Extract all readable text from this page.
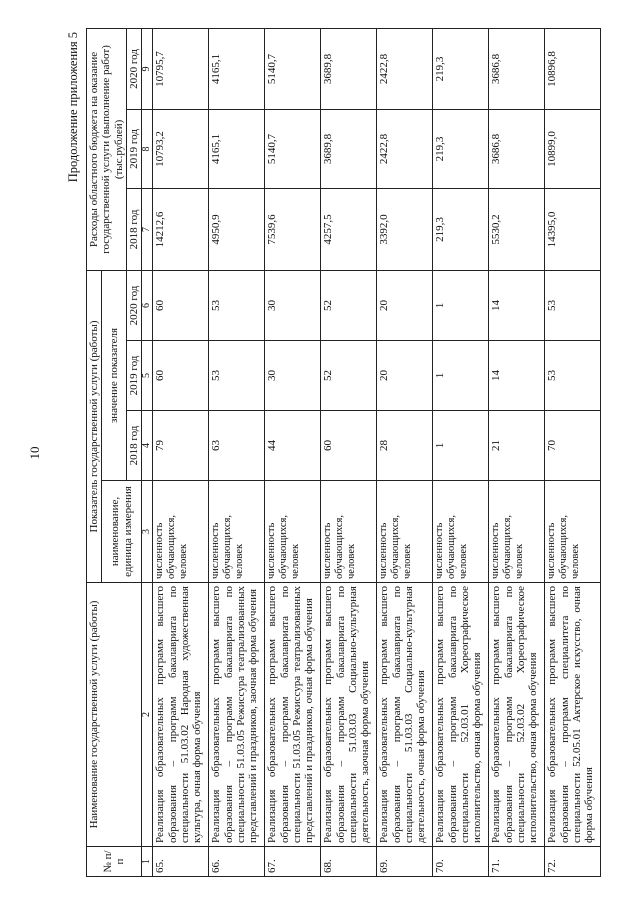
10
Продолжение приложения 5
№ п/п	Наименование государственной услуги (работы)	Показатель государственной услуги (работы)				Расходы областного бюджета на оказание государственной услуги (выполнение работ) (тыс.рублей)		
		наименование, единица измерения	значение показателя					
			2018 год	2019 год	2020 год	2018 год	2019 год	2020 год
1	2	3	4	5	6	7	8	9
65.	Реализация образовательных программ высшего образования – программ бакалавриата по специальности 51.03.02 Народная художественная культура, очная форма обучения	численность обучающихся, человек	79	60	60	14212,6	10793,2	10795,7
66.	Реализация образовательных программ высшего образования – программ бакалавриата по специальности 51.03.05 Режиссура театрализованных представлений и праздников, заочная форма обучения	численность обучающихся, человек	63	53	53	4950,9	4165,1	4165,1
67.	Реализация образовательных программ высшего образования – программ бакалавриата по специальности 51.03.05 Режиссура театрализованных представлений и праздников, очная форма обучения	численность обучающихся, человек	44	30	30	7539,6	5140,7	5140,7
68.	Реализация образовательных программ высшего образования – программ бакалавриата по специальности 51.03.03 Социально-культурная деятельность, заочная форма обучения	численность обучающихся, человек	60	52	52	4257,5	3689,8	3689,8
69.	Реализация образовательных программ высшего образования – программ бакалавриата по специальности 51.03.03 Социально-культурная деятельность, очная форма обучения	численность обучающихся, человек	28	20	20	3392,0	2422,8	2422,8
70.	Реализация образовательных программ высшего образования – программ бакалавриата по специальности 52.03.01 Хореографическое исполнительство, очная форма обучения	численность обучающихся, человек	1	1	1	219,3	219,3	219,3
71.	Реализация образовательных программ высшего образования – программ бакалавриата по специальности 52.03.02 Хореографическое исполнительство, очная форма обучения	численность обучающихся, человек	21	14	14	5530,2	3686,8	3686,8
72.	Реализация образовательных программ высшего образования – программ специалитета по специальности 52.05.01 Актерское искусство, очная форма обучения	численность обучающихся, человек	70	53	53	14395,0	10899,0	10896,8
